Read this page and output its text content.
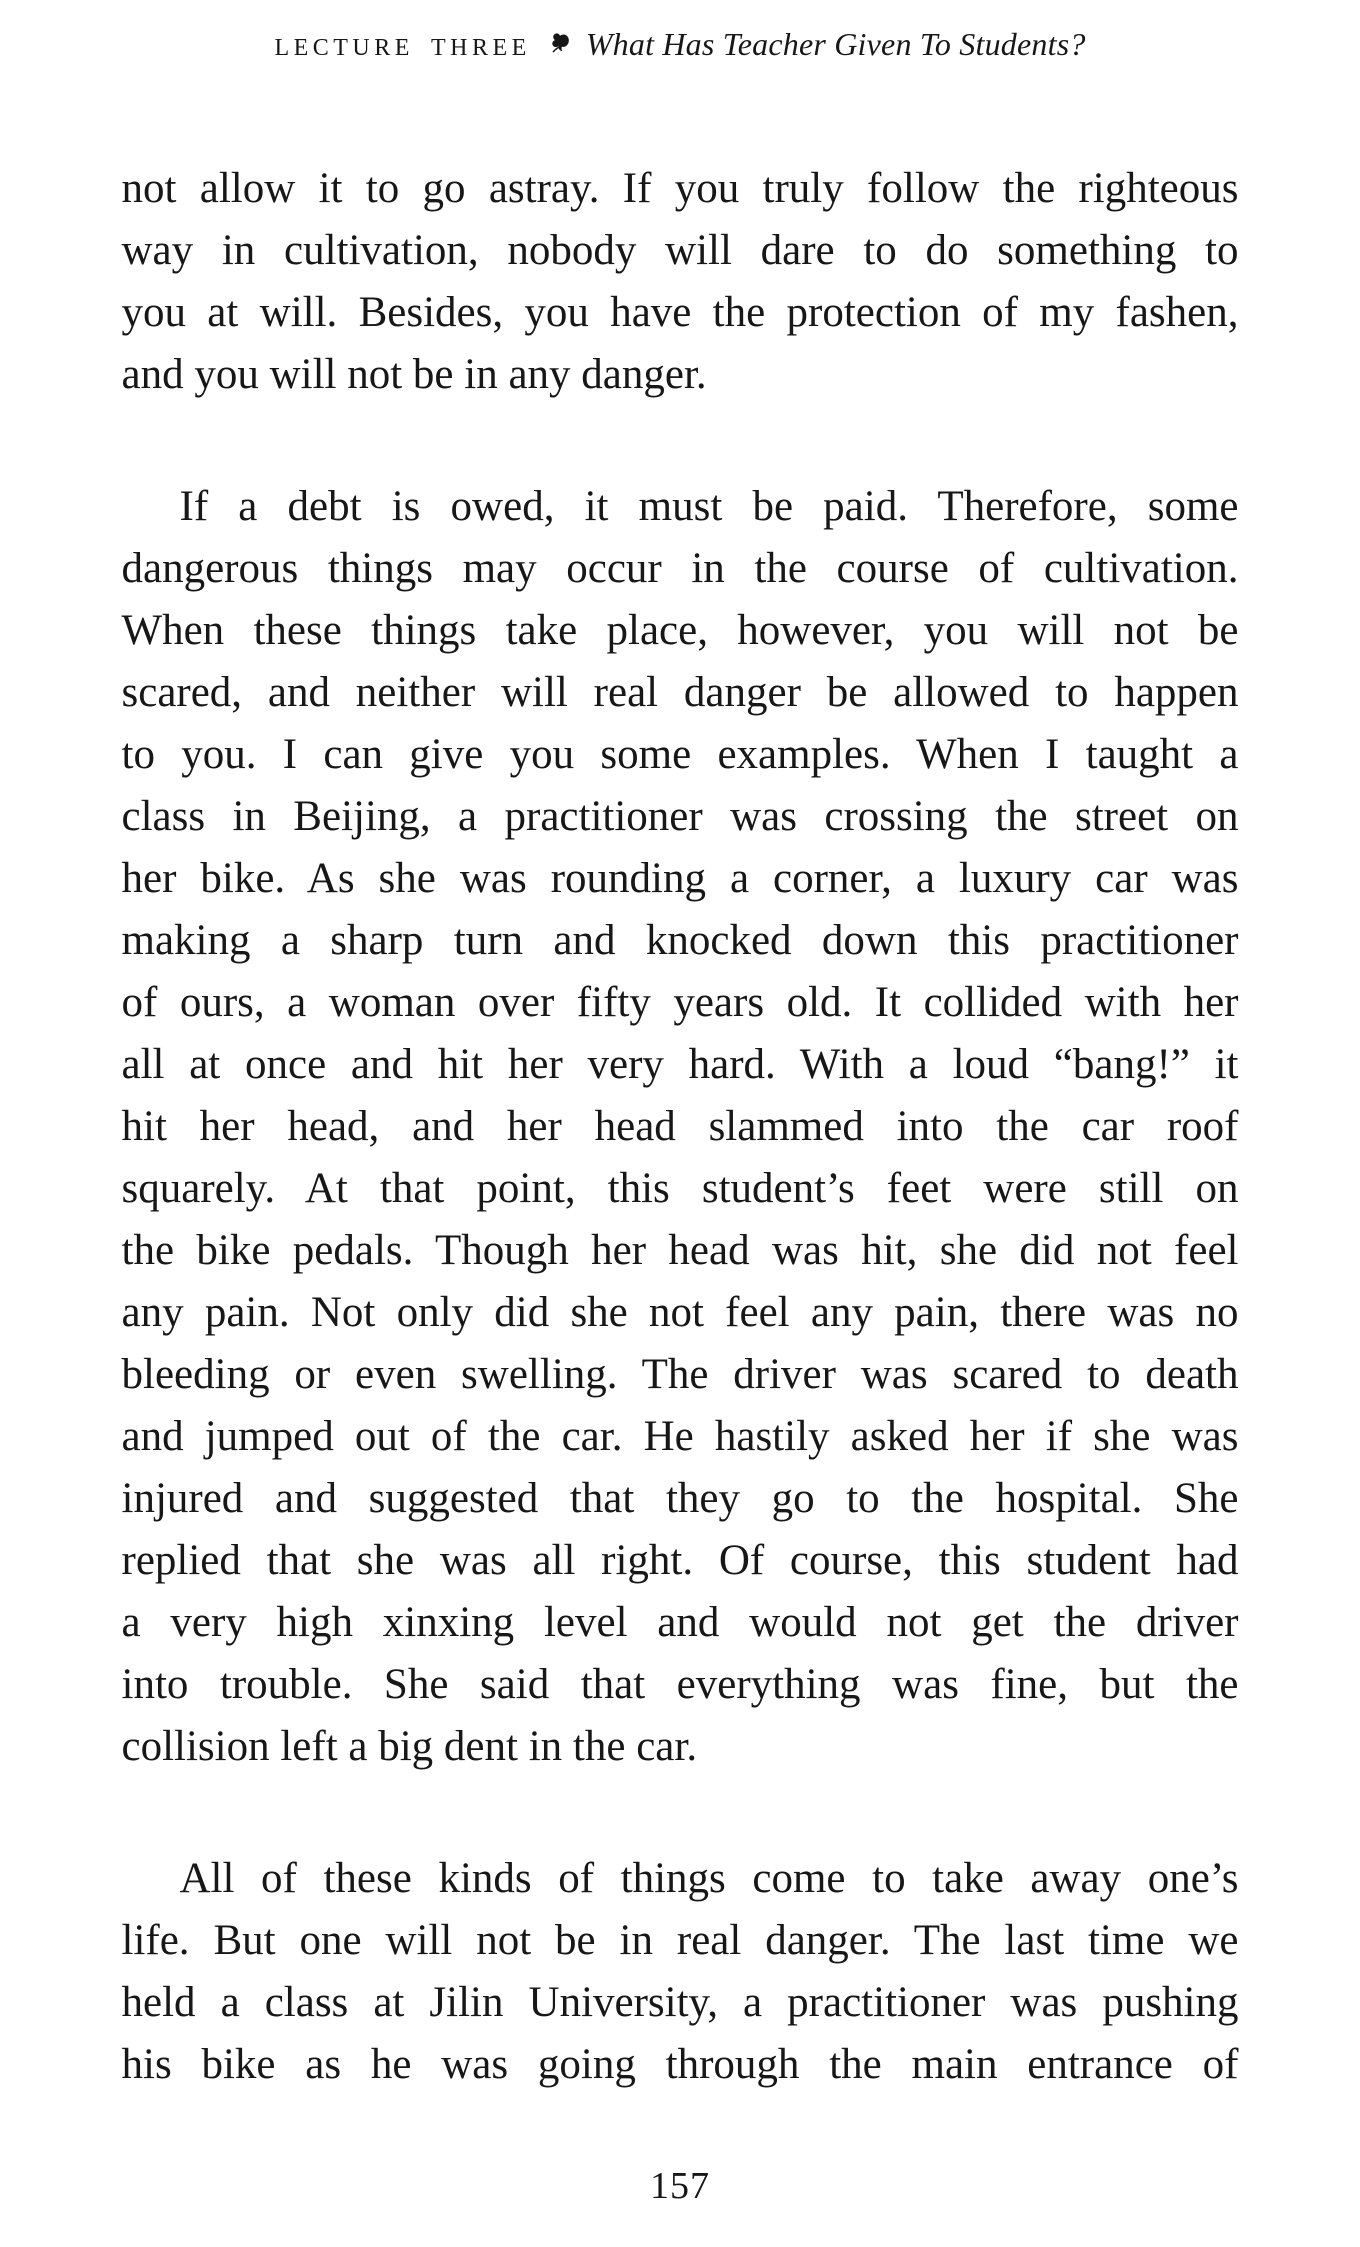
LECTURE THREE What Has Teacher Given To Students?
not allow it to go astray. If you truly follow the righteous
way in cultivation, nobody will dare to do something to
you at will. Besides, you have the protection of my fashen,
and you will not be in any danger.
If a debt is owed, it must be paid. Therefore, some
dangerous things may occur in the course of cultivation.
When these things take place, however, you will not be
scared, and neither will real danger be allowed to happen
to you. I can give you some examples. When I taught a
class in Beijing, a practitioner was crossing the street on
her bike. As she was rounding a corner, a luxury car was
making a sharp turn and knocked down this practitioner
of ours, a woman over fifty years old. It collided with her
all at once and hit her very hard. With a loud “bang!” it
hit her head, and her head slammed into the car roof
squarely. At that point, this student’s feet were still on
the bike pedals. Though her head was hit, she did not feel
any pain. Not only did she not feel any pain, there was no
bleeding or even swelling. The driver was scared to death
and jumped out of the car. He hastily asked her if she was
injured and suggested that they go to the hospital. She
replied that she was all right. Of course, this student had
a very high xinxing level and would not get the driver
into trouble. She said that everything was fine, but the
collision left a big dent in the car.
All of these kinds of things come to take away one’s
life. But one will not be in real danger. The last time we
held a class at Jilin University, a practitioner was pushing
his bike as he was going through the main entrance of
157
